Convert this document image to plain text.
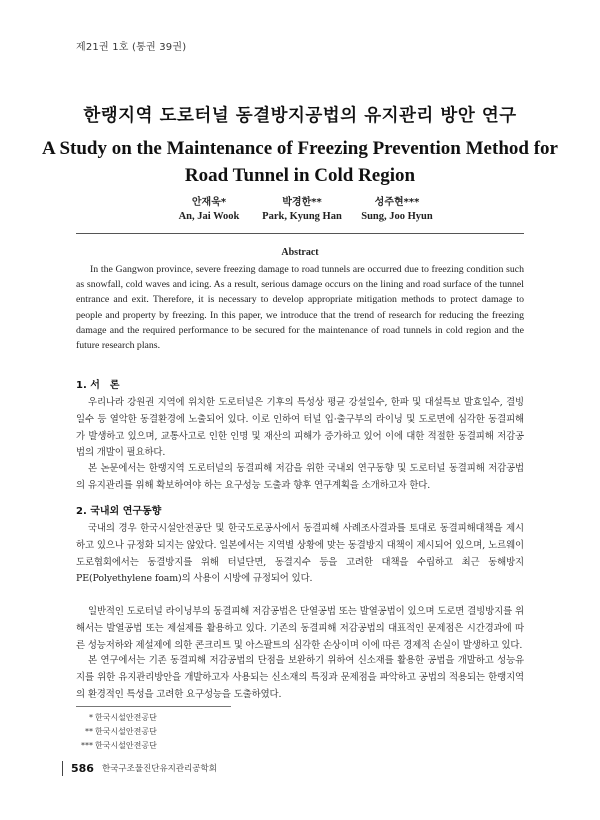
제21권 1호 (통권 39권)
한랭지역 도로터널 동결방지공법의 유지관리 방안 연구
A Study on the Maintenance of Freezing Prevention Method for Road Tunnel in Cold Region
안재욱*
An, Jai Wook
박경한**
Park, Kyung Han
성주현***
Sung, Joo Hyun
Abstract

In the Gangwon province, severe freezing damage to road tunnels are occurred due to freezing condition such as snowfall, cold waves and icing. As a result, serious damage occurs on the lining and road surface of the tunnel entrance and exit. Therefore, it is necessary to develop appropriate mitigation methods to protect damage to people and property by freezing. In this paper, we introduce that the trend of research for reducing the freezing damage and the required performance to be secured for the maintenance of road tunnels in cold region and the future research plans.

1. 서　론

우리나라 강원권 지역에 위치한 도로터널은 기후의 특성상 평균 강설일수, 한파 및 대설특보 발효일수, 결빙일수 등 열악한 동결환경에 노출되어 있다. 이로 인하여 터널 입·출구부의 라이닝 및 도로면에 심각한 동결피해가 발생하고 있으며, 교통사고로 인한 인명 및 재산의 피해가 증가하고 있어 이에 대한 적절한 동결피해 저감공법의 개발이 필요하다.

본 논문에서는 한랭지역 도로터널의 동결피해 저감을 위한 국내외 연구동향 및 도로터널 동결피해 저감공법의 유지관리를 위해 확보하여야 하는 요구성능 도출과 향후 연구계획을 소개하고자 한다.

2. 국내외 연구동향

국내의 경우 한국시설안전공단 및 한국도로공사에서 동결피해 사례조사결과를 토대로 동결피해대책을 제시하고 있으나 규정화 되지는 않았다. 일본에서는 지역별 상황에 맞는 동결방지 대책이 제시되어 있으며, 노르웨이 도로협회에서는 동결방지를 위해 터널단면, 동결지수 등을 고려한 대책을 수립하고 최근 동해방지 PE(Polyethylene foam)의 사용이 시방에 규정되어 있다.

일반적인 도로터널 라이닝부의 동결피해 저감공법은 단열공법 또는 발열공법이 있으며 도로면 결빙방지를 위해서는 발열공법 또는 제설제를 활용하고 있다. 기존의 동결피해 저감공법의 대표적인 문제점은 시간경과에 따른 성능저하와 제설제에 의한 콘크리트 및 아스팔트의 심각한 손상이며 이에 따른 경제적 손실이 발생하고 있다.

본 연구에서는 기존 동결피해 저감공법의 단점을 보완하기 위하여 신소재를 활용한 공법을 개발하고 성능유지를 위한 유지관리방안을 개발하고자 사용되는 신소재의 특징과 문제점을 파악하고 공법의 적용되는 한랭지역의 환경적인 특성을 고려한 요구성능을 도출하였다.

* 한국시설안전공단
** 한국시설안전공단
*** 한국시설안전공단
586 한국구조물진단유지관리공학회
